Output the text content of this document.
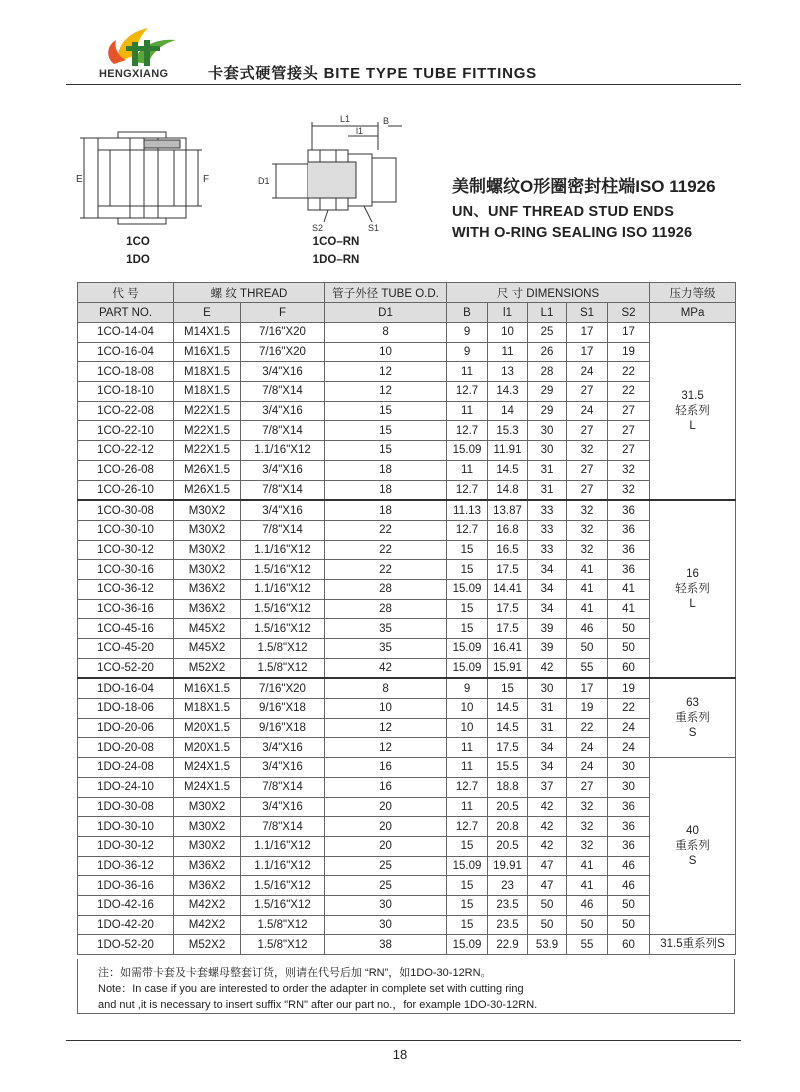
HENGXIANG	卡套式硬管接头 BITE TYPE TUBE FITTINGS
E	F
1CO
1DO
L1
l1
B
D1
S2	S1
1CO–RN
1DO–RN
美制螺纹O形圈密封柱端ISO 11926
UN、UNF THREAD STUD ENDS
WITH O-RING SEALING ISO 11926
代 号	螺 纹 THREAD		管子外径 TUBE O.D.	尺 寸 DIMENSIONS					压力等级
PART NO.	E	F	D1	B	l1	L1	S1	S2	MPa
1CO-14-04	M14X1.5	7/16"X20	8	9	10	25	17	17	31.5
轻系列
L

1CO-16-04	M16X1.5	7/16"X20	10	9	11	26	17	19	
1CO-18-08	M18X1.5	3/4"X16	12	11	13	28	24	22	
1CO-18-10	M18X1.5	7/8"X14	12	12.7	14.3	29	27	22	
1CO-22-08	M22X1.5	3/4"X16	15	11	14	29	24	27	
1CO-22-10	M22X1.5	7/8"X14	15	12.7	15.3	30	27	27	
1CO-22-12	M22X1.5	1.1/16"X12	15	15.09	11.91	30	32	27	
1CO-26-08	M26X1.5	3/4"X16	18	11	14.5	31	27	32	
1CO-26-10	M26X1.5	7/8"X14	18	12.7	14.8	31	27	32	
1CO-30-08	M30X2	3/4"X16	18	11.13	13.87	33	32	36	16
轻系列
L

1CO-30-10	M30X2	7/8"X14	22	12.7	16.8	33	32	36	
1CO-30-12	M30X2	1.1/16"X12	22	15	16.5	33	32	36	
1CO-30-16	M30X2	1.5/16"X12	22	15	17.5	34	41	36	
1CO-36-12	M36X2	1.1/16"X12	28	15.09	14.41	34	41	41	
1CO-36-16	M36X2	1.5/16"X12	28	15	17.5	34	41	41	
1CO-45-16	M45X2	1.5/16"X12	35	15	17.5	39	46	50	
1CO-45-20	M45X2	1.5/8"X12	35	15.09	16.41	39	50	50	
1CO-52-20	M52X2	1.5/8"X12	42	15.09	15.91	42	55	60	
1DO-16-04	M16X1.5	7/16"X20	8	9	15	30	17	19	63
重系列
S

1DO-18-06	M18X1.5	9/16"X18	10	10	14.5	31	19	22	
1DO-20-06	M20X1.5	9/16"X18	12	10	14.5	31	22	24	
1DO-20-08	M20X1.5	3/4"X16	12	11	17.5	34	24	24	
1DO-24-08	M24X1.5	3/4"X16	16	11	15.5	34	24	30	40
重系列
S

1DO-24-10	M24X1.5	7/8"X14	16	12.7	18.8	37	27	30	
1DO-30-08	M30X2	3/4"X16	20	11	20.5	42	32	36	
1DO-30-10	M30X2	7/8"X14	20	12.7	20.8	42	32	36	
1DO-30-12	M30X2	1.1/16"X12	20	15	20.5	42	32	36	
1DO-36-12	M36X2	1.1/16"X12	25	15.09	19.91	47	41	46	
1DO-36-16	M36X2	1.5/16"X12	25	15	23	47	41	46	
1DO-42-16	M42X2	1.5/16"X12	30	15	23.5	50	46	50	
1DO-42-20	M42X2	1.5/8"X12	30	15	23.5	50	50	50	
1DO-52-20	M52X2	1.5/8"X12	38	15.09	22.9	53.9	55	60	31.5重系列S
注：如需带卡套及卡套螺母整套订货，则请在代号后加 “RN”，如1DO-30-12RN。
Note：In case if you are interested to order the adapter in complete set with cutting ring
and nut ,it is necessary to insert suffix "RN" after our part no.，for example 1DO-30-12RN.
18
